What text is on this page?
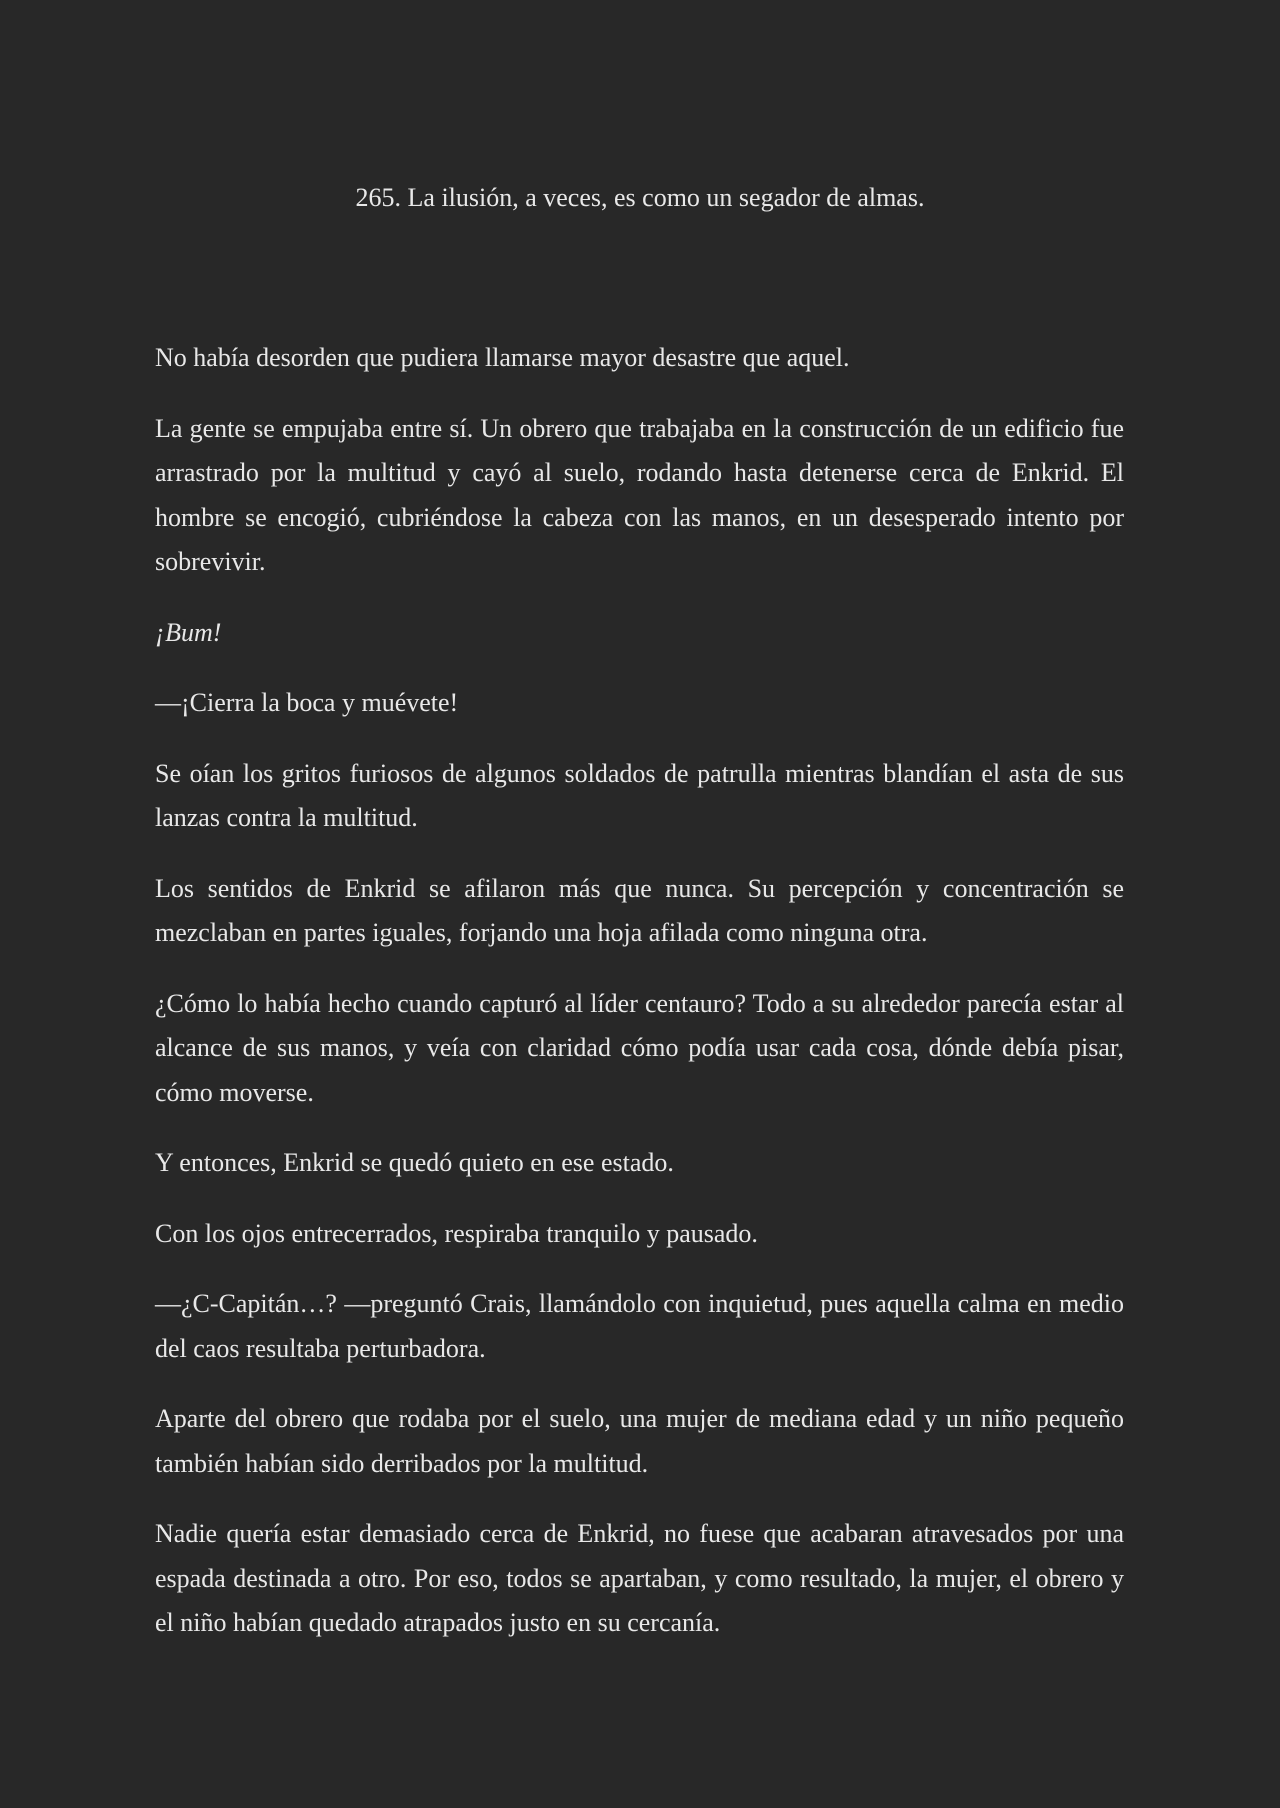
265. La ilusión, a veces, es como un segador de almas.

No había desorden que pudiera llamarse mayor desastre que aquel.

La gente se empujaba entre sí. Un obrero que trabajaba en la construcción de un edificio fue arrastrado por la multitud y cayó al suelo, rodando hasta detenerse cerca de Enkrid. El hombre se encogió, cubriéndose la cabeza con las manos, en un desesperado intento por sobrevivir.

¡Bum!

—¡Cierra la boca y muévete!

Se oían los gritos furiosos de algunos soldados de patrulla mientras blandían el asta de sus lanzas contra la multitud.

Los sentidos de Enkrid se afilaron más que nunca. Su percepción y concentración se mezclaban en partes iguales, forjando una hoja afilada como ninguna otra.

¿Cómo lo había hecho cuando capturó al líder centauro? Todo a su alrededor parecía estar al alcance de sus manos, y veía con claridad cómo podía usar cada cosa, dónde debía pisar, cómo moverse.

Y entonces, Enkrid se quedó quieto en ese estado.

Con los ojos entrecerrados, respiraba tranquilo y pausado.

—¿C-Capitán…? —preguntó Crais, llamándolo con inquietud, pues aquella calma en medio del caos resultaba perturbadora.

Aparte del obrero que rodaba por el suelo, una mujer de mediana edad y un niño pequeño también habían sido derribados por la multitud.

Nadie quería estar demasiado cerca de Enkrid, no fuese que acabaran atravesados por una espada destinada a otro. Por eso, todos se apartaban, y como resultado, la mujer, el obrero y el niño habían quedado atrapados justo en su cercanía.
